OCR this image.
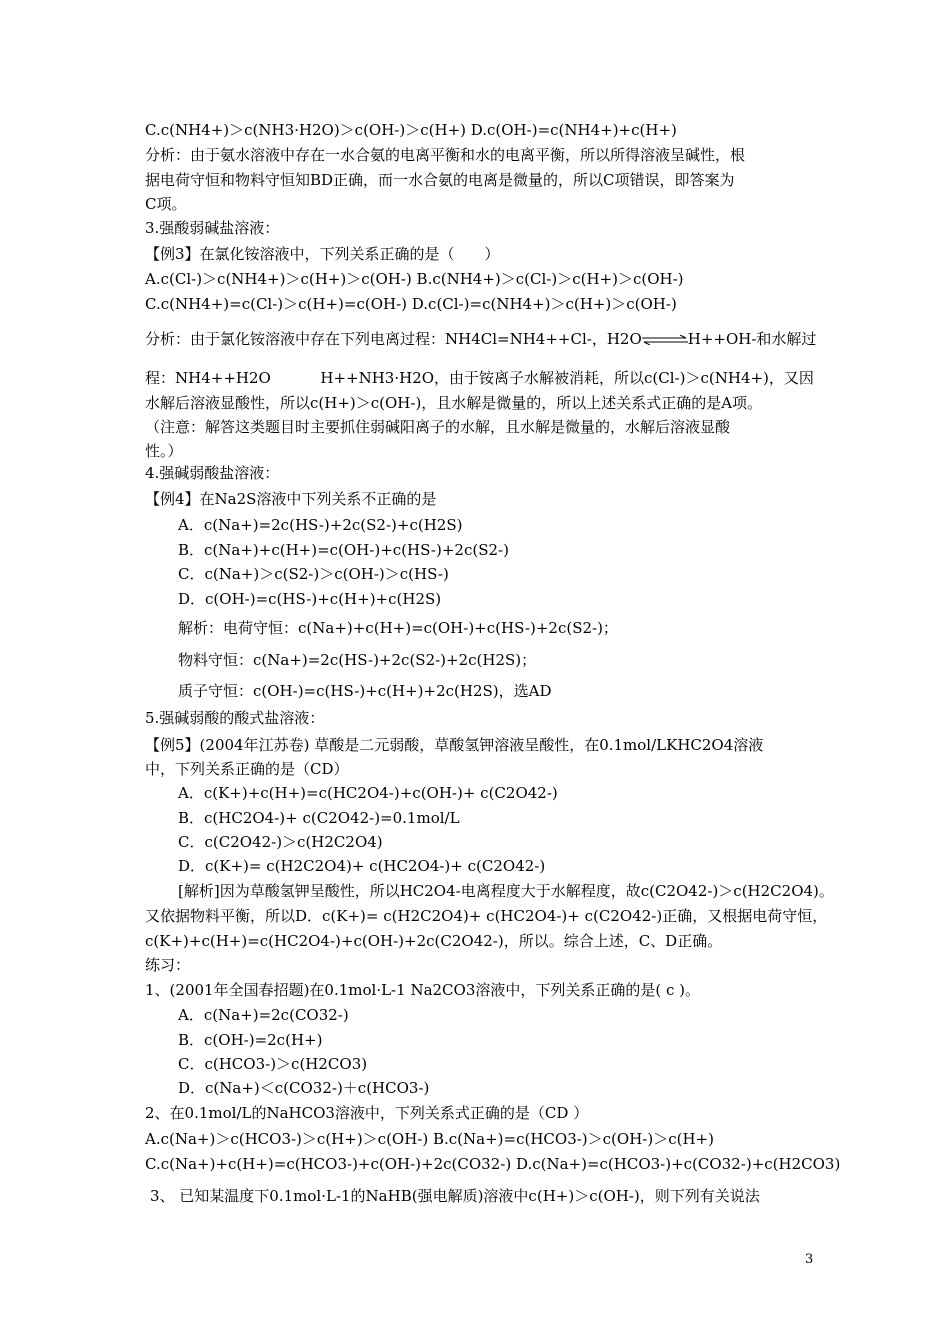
C.c(NH4+)＞c(NH3·H2O)＞c(OH-)＞c(H+) D.c(OH-)=c(NH4+)+c(H+)
分析：由于氨水溶液中存在一水合氨的电离平衡和水的电离平衡，所以所得溶液呈碱性，根
据电荷守恒和物料守恒知BD正确，而一水合氨的电离是微量的，所以C项错误，即答案为
C项。
3.强酸弱碱盐溶液：
【例3】在氯化铵溶液中，下列关系正确的是（　　）
A.c(Cl-)＞c(NH4+)＞c(H+)＞c(OH-) B.c(NH4+)＞c(Cl-)＞c(H+)＞c(OH-)
C.c(NH4+)=c(Cl-)＞c(H+)=c(OH-) D.c(Cl-)=c(NH4+)＞c(H+)＞c(OH-)
分析：由于氯化铵溶液中存在下列电离过程：NH4Cl=NH4++Cl-，H2O⇌H++OH-和水解过
程：NH4++H2O	H++NH3·H2O，由于铵离子水解被消耗，所以c(Cl-)＞c(NH4+)，又因
水解后溶液显酸性，所以c(H+)＞c(OH-)，且水解是微量的，所以上述关系式正确的是A项。
（注意：解答这类题目时主要抓住弱碱阳离子的水解，且水解是微量的，水解后溶液显酸
性。）
4.强碱弱酸盐溶液：
【例4】在Na2S溶液中下列关系不正确的是
A．c(Na+)=2c(HS-)+2c(S2-)+c(H2S)
B．c(Na+)+c(H+)=c(OH-)+c(HS-)+2c(S2-)
C．c(Na+)＞c(S2-)＞c(OH-)＞c(HS-)
D．c(OH-)=c(HS-)+c(H+)+c(H2S)
解析：电荷守恒：c(Na+)+c(H+)=c(OH-)+c(HS-)+2c(S2-)；
物料守恒：c(Na+)=2c(HS-)+2c(S2-)+2c(H2S)；
质子守恒：c(OH-)=c(HS-)+c(H+)+2c(H2S)，选AD
5.强碱弱酸的酸式盐溶液：
【例5】(2004年江苏卷) 草酸是二元弱酸，草酸氢钾溶液呈酸性，在0.1mol/LKHC2O4溶液
中，下列关系正确的是（CD）
A．c(K+)+c(H+)=c(HC2O4-)+c(OH-)+ c(C2O42-)
B．c(HC2O4-)+ c(C2O42-)=0.1mol/L
C．c(C2O42-)＞c(H2C2O4)
D．c(K+)= c(H2C2O4)+ c(HC2O4-)+ c(C2O42-)
[解析]因为草酸氢钾呈酸性，所以HC2O4-电离程度大于水解程度，故c(C2O42-)＞c(H2C2O4)。
又依据物料平衡，所以D．c(K+)= c(H2C2O4)+ c(HC2O4-)+ c(C2O42-)正确，又根据电荷守恒，
c(K+)+c(H+)=c(HC2O4-)+c(OH-)+2c(C2O42-)，所以。综合上述，C、D正确。
练习：
1、(2001年全国春招题)在0.1mol·L-1 Na2CO3溶液中，下列关系正确的是( c )。
A．c(Na+)=2c(CO32-)
B．c(OH-)=2c(H+)
C．c(HCO3-)＞c(H2CO3)
D．c(Na+)＜c(CO32-)＋c(HCO3-)
2、在0.1mol/L的NaHCO3溶液中，下列关系式正确的是（CD ）
A.c(Na+)＞c(HCO3-)＞c(H+)＞c(OH-) B.c(Na+)=c(HCO3-)＞c(OH-)＞c(H+)
C.c(Na+)+c(H+)=c(HCO3-)+c(OH-)+2c(CO32-) D.c(Na+)=c(HCO3-)+c(CO32-)+c(H2CO3)
3、 已知某温度下0.1mol·L-1的NaHB(强电解质)溶液中c(H+)＞c(OH-)，则下列有关说法
3
